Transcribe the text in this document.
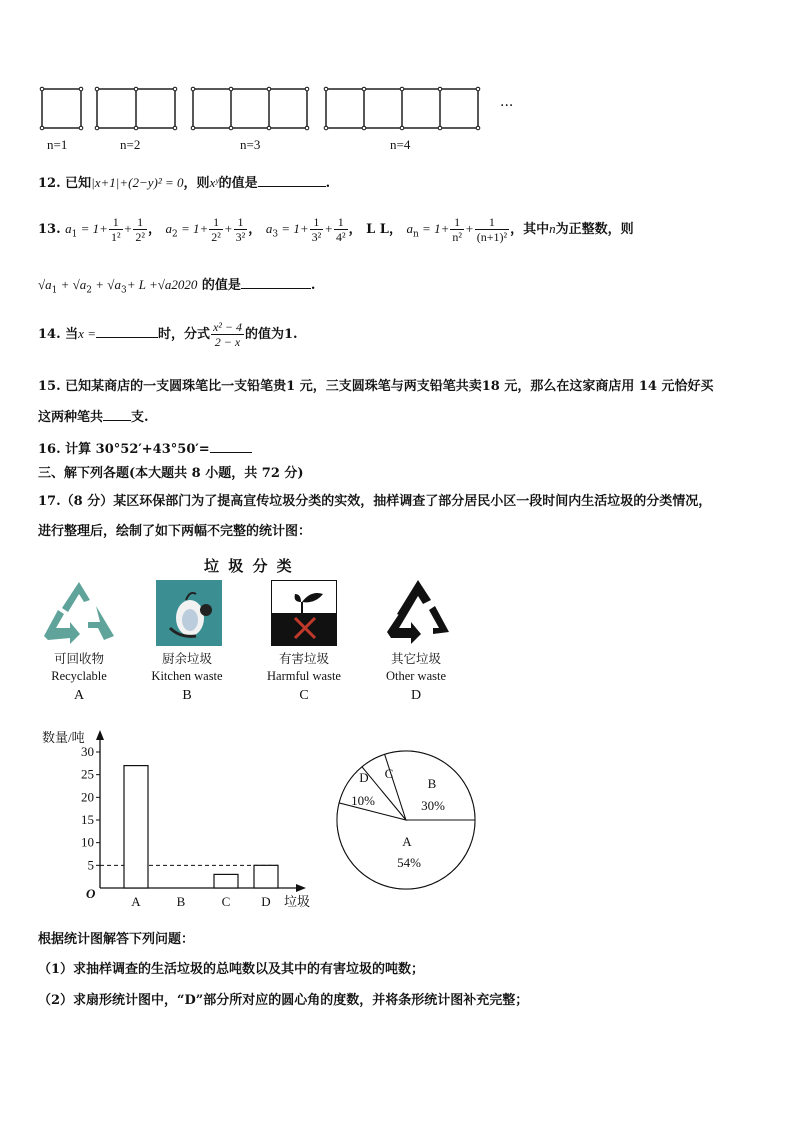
···
n=1	n=2	n=3	n=4
12. 已知|x+1|+(2−y)² = 0，则xʸ的值是	.
13. $a_1 = 1+ \frac{1}{\text{1²}} + \frac{1}{\text{2²}}$ ， $a_2 = 1+ \frac{1}{\text{2²}} + \frac{1}{\text{3²}}$ ， $a_3 = 1+ \frac{1}{\text{3²}} + \frac{1}{\text{4²}}$ ， L L， $a_n = 1+ \frac{1}{\text{n²}} + \frac{1}{\text{(n+1)²}}$ ，其中n为正整数，则
$√a_1 + √a_2 + √a_3+ L +√a2020$ 的值是	.
14. 当x =	时，分式 $\frac{\text{x² − 4}}{2 - x}$ 的值为1.
15. 已知某商店的一支圆珠笔比一支铅笔贵1 元，三支圆珠笔与两支铅笔共卖18 元，那么在这家商店用 14 元恰好买
这两种笔共 支.
16. 计算 30°52′+43°50′=
三、解下列各题(本大题共 8 小题，共 72 分)
17.（8 分）某区环保部门为了提高宣传垃圾分类的实效，抽样调查了部分居民小区一段时间内生活垃圾的分类情况，
进行整理后，绘制了如下两幅不完整的统计图：
垃 圾 分 类
可回收物
Recyclable
A
厨余垃圾
Kitchen waste
B
有害垃圾
Harmful waste
C
其它垃圾
Other waste
D
数量/吨
垃圾
O
5
10
15
20
25
30
A	B	C D
A
54%
B
30%
C
D
10%
根据统计图解答下列问题：
（1）求抽样调查的生活垃圾的总吨数以及其中的有害垃圾的吨数；
（2）求扇形统计图中，“D”部分所对应的圆心角的度数，并将条形统计图补充完整；
